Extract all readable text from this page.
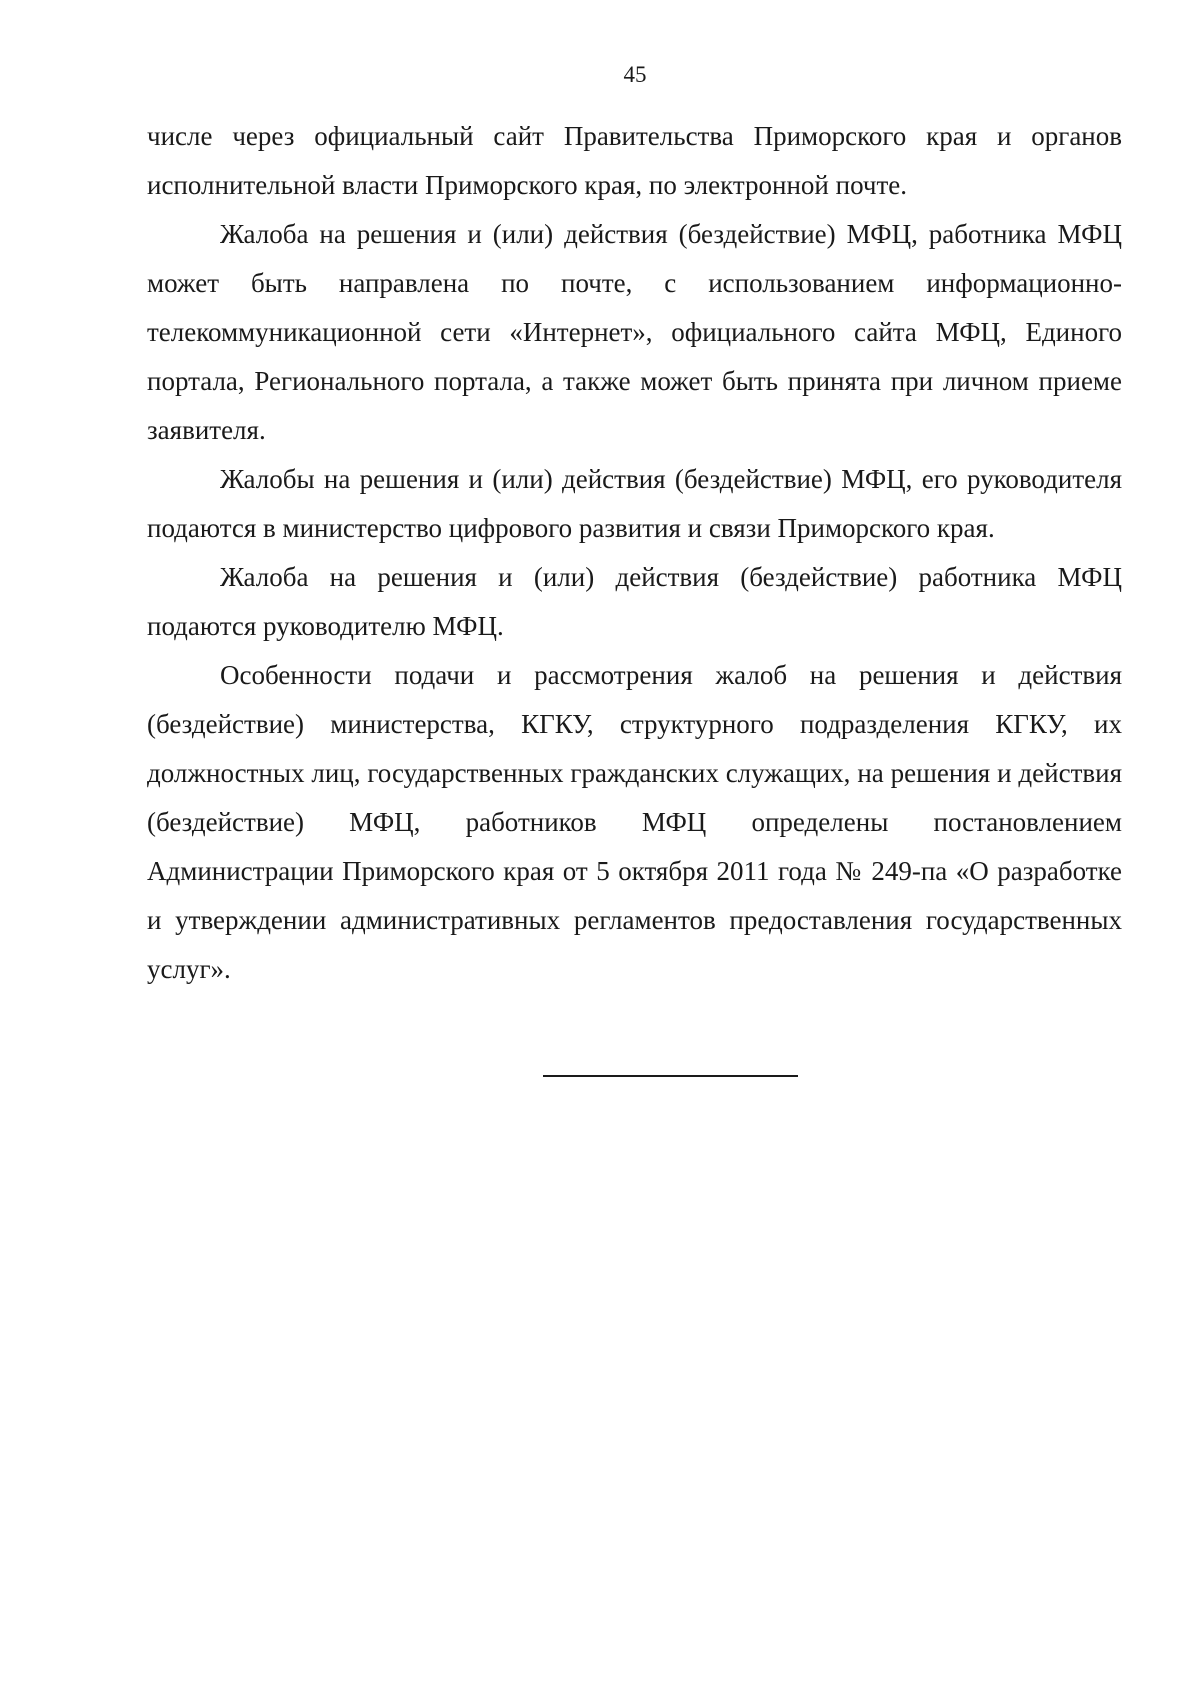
45

числе через официальный сайт Правительства Приморского края и органов исполнительной власти Приморского края, по электронной почте.

Жалоба на решения и (или) действия (бездействие) МФЦ, работника МФЦ может быть направлена по почте, с использованием информационно-телекоммуникационной сети «Интернет», официального сайта МФЦ, Единого портала, Регионального портала, а также может быть принята при личном приеме заявителя.

Жалобы на решения и (или) действия (бездействие) МФЦ, его руководителя подаются в министерство цифрового развития и связи Приморского края.

Жалоба на решения и (или) действия (бездействие) работника МФЦ подаются руководителю МФЦ.

Особенности подачи и рассмотрения жалоб на решения и действия (бездействие) министерства, КГКУ, структурного подразделения КГКУ, их должностных лиц, государственных гражданских служащих, на решения и действия (бездействие) МФЦ, работников МФЦ определены постановлением Администрации Приморского края от 5 октября 2011 года № 249-па «О разработке и утверждении административных регламентов предоставления государственных услуг».
